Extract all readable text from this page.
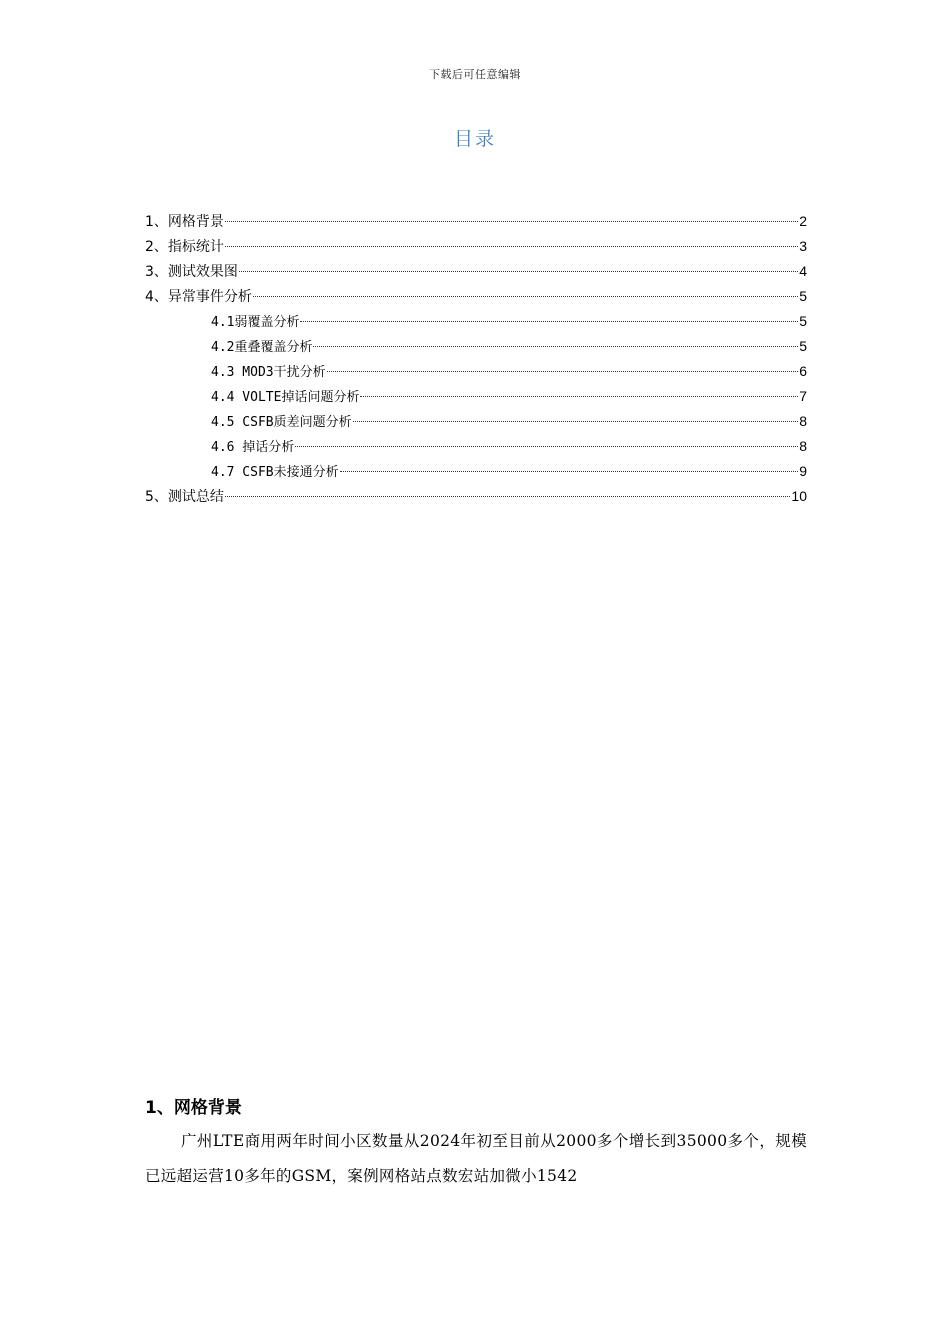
下载后可任意编辑
目录
1、网格背景	2
2、指标统计	3
3、测试效果图	4
4、异常事件分析	5
4.1弱覆盖分析	5
4.2重叠覆盖分析	5
4.3 MOD3干扰分析	6
4.4 VOLTE掉话问题分析	7
4.5 CSFB质差问题分析	8
4.6 掉话分析	8
4.7 CSFB未接通分析	9
5、测试总结	10
1、网格背景
广州LTE商用两年时间小区数量从2024年初至目前从2000多个增长到35000多个，规模已远超运营10多年的GSM，案例网格站点数宏站加微小1542
